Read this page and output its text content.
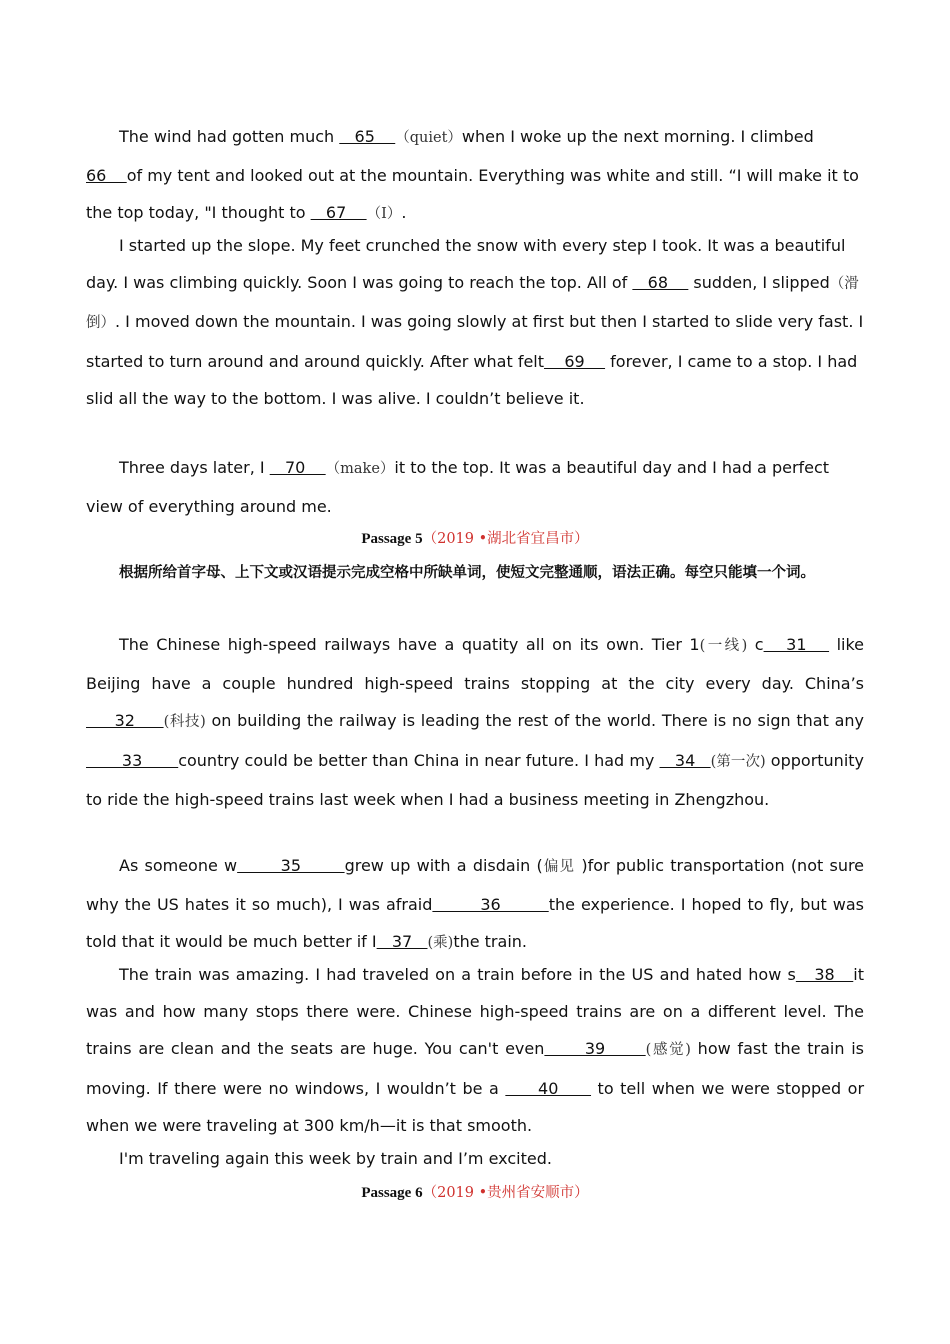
The wind had gotten much    65    （quiet）when I woke up the next morning. I climbed 66    of my tent and looked out at the mountain. Everything was white and still. “I will make it to the top today, "I thought to    67    （I）.

I started up the slope. My feet crunched the snow with every step I took. It was a beautiful day. I was climbing quickly. Soon I was going to reach the top. All of    68     sudden, I slipped（滑倒）. I moved down the mountain. I was going slowly at first but then I started to slide very fast. I started to turn around and around quickly. After what felt    69     forever, I came to a stop. I had slid all the way to the bottom. I was alive. I couldn’t believe it.

Three days later, I    70    （make）it to the top. It was a beautiful day and I had a perfect view of everything around me.

Passage 5（2019 •湖北省宜昌市）

根据所给首字母、上下文或汉语提示完成空格中所缺单词，使短文完整通顺，语法正确。每空只能填一个词。

The Chinese high-speed railways have a quatity all on its own. Tier 1(一线) c   31    like Beijing have a couple hundred high-speed trains stopping at the city every day. China’s     32     (科技) on building the railway is leading the rest of the world. There is no sign that any       33       country could be better than China in near future. I had my    34   (第一次) opportunity to ride the high-speed trains last week when I had a business meeting in Zhengzhou.

As someone w       35       grew up with a disdain (偏见 )for public transportation (not sure why the US hates it so much), I was afraid        36        the experience. I hoped to fly, but was told that it would be much better if I   37   (乘)the train.

The train was amazing. I had traveled on a train before in the US and hated how s   38   it was and how many stops there were. Chinese high-speed trains are on a different level. The trains are clean and the seats are huge. You can't even      39      (感觉) how fast the train is moving. If there were no windows, I wouldn’t be a      40      to tell when we were stopped or when we were traveling at 300 km/h—it is that smooth.

I'm traveling again this week by train and I’m excited.

Passage 6（2019 •贵州省安顺市）
